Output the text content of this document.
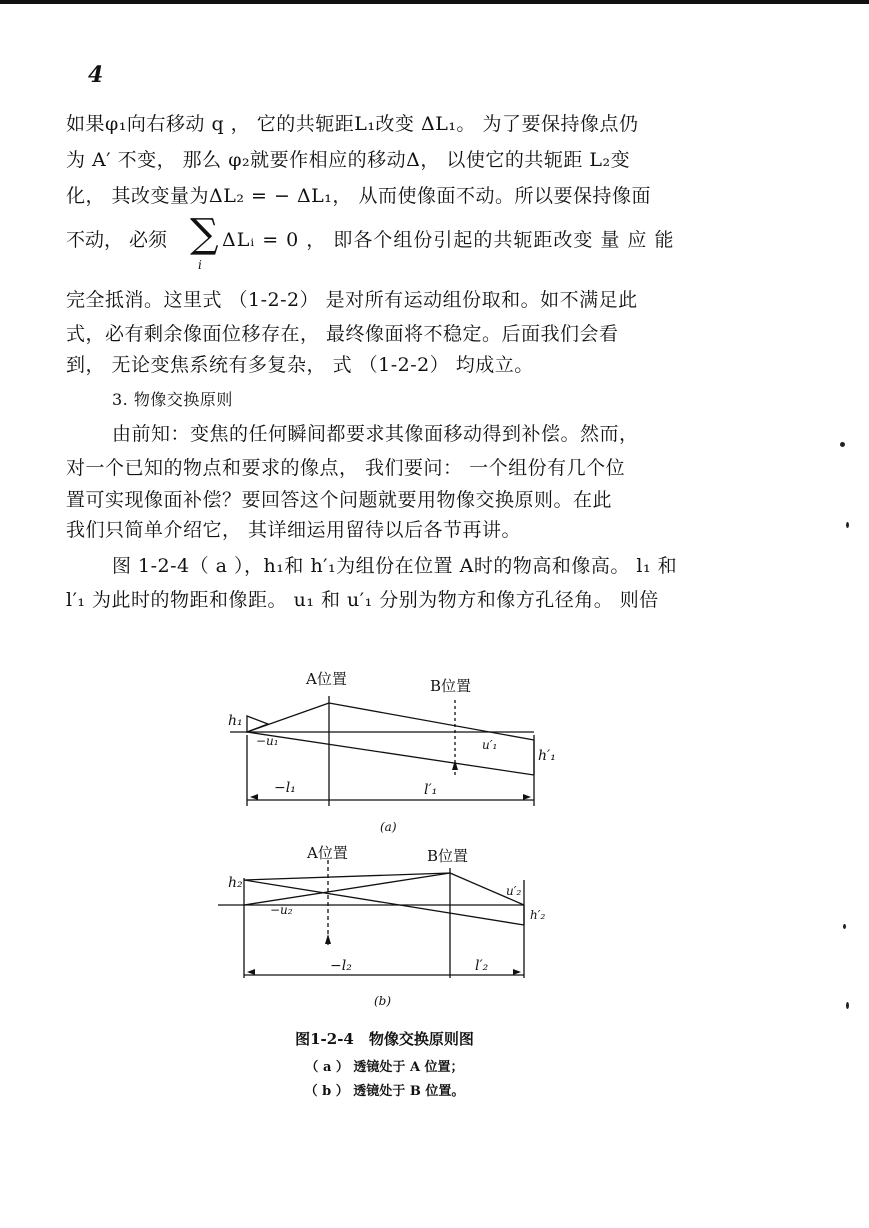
4
如果φ₁向右移动 q ， 它的共轭距L₁改变 ΔL₁。 为了要保持像点仍
为 A′ 不变， 那么 φ₂就要作相应的移动Δ， 以使它的共轭距 L₂变
化， 其改变量为ΔL₂ = − ΔL₁， 从而使像面不动。所以要保持像面
不动， 必须 ∑
i
ΔLᵢ = 0 ， 即各个组份引起的共轭距改变 量 应 能
完全抵消。这里式 （1-2-2） 是对所有运动组份取和。如不满足此
式，必有剩余像面位移存在， 最终像面将不稳定。后面我们会看
到， 无论变焦系统有多复杂， 式 （1-2-2） 均成立。
3. 物像交换原则
由前知：变焦的任何瞬间都要求其像面移动得到补偿。然而，
对一个已知的物点和要求的像点， 我们要问： 一个组份有几个位
置可实现像面补偿？要回答这个问题就要用物像交换原则。在此
我们只简单介绍它， 其详细运用留待以后各节再讲。
图 1-2-4（ a ），h₁和 h′₁为组份在位置 A时的物高和像高。 l₁ 和
l′₁ 为此时的物距和像距。 u₁ 和 u′₁ 分别为物方和像方孔径角。 则倍
A位置	B位置
h₁
h′₁
−u₁	u′₁
−l₁	l′₁
(a)
A位置	B位置
h₂
h′₂
−u₂
u′₂
−l₂	l′₂
(b)
图1-2-4　物像交换原则图
（ a ） 透镜处于 A 位置；
（ b ） 透镜处于 B 位置。
